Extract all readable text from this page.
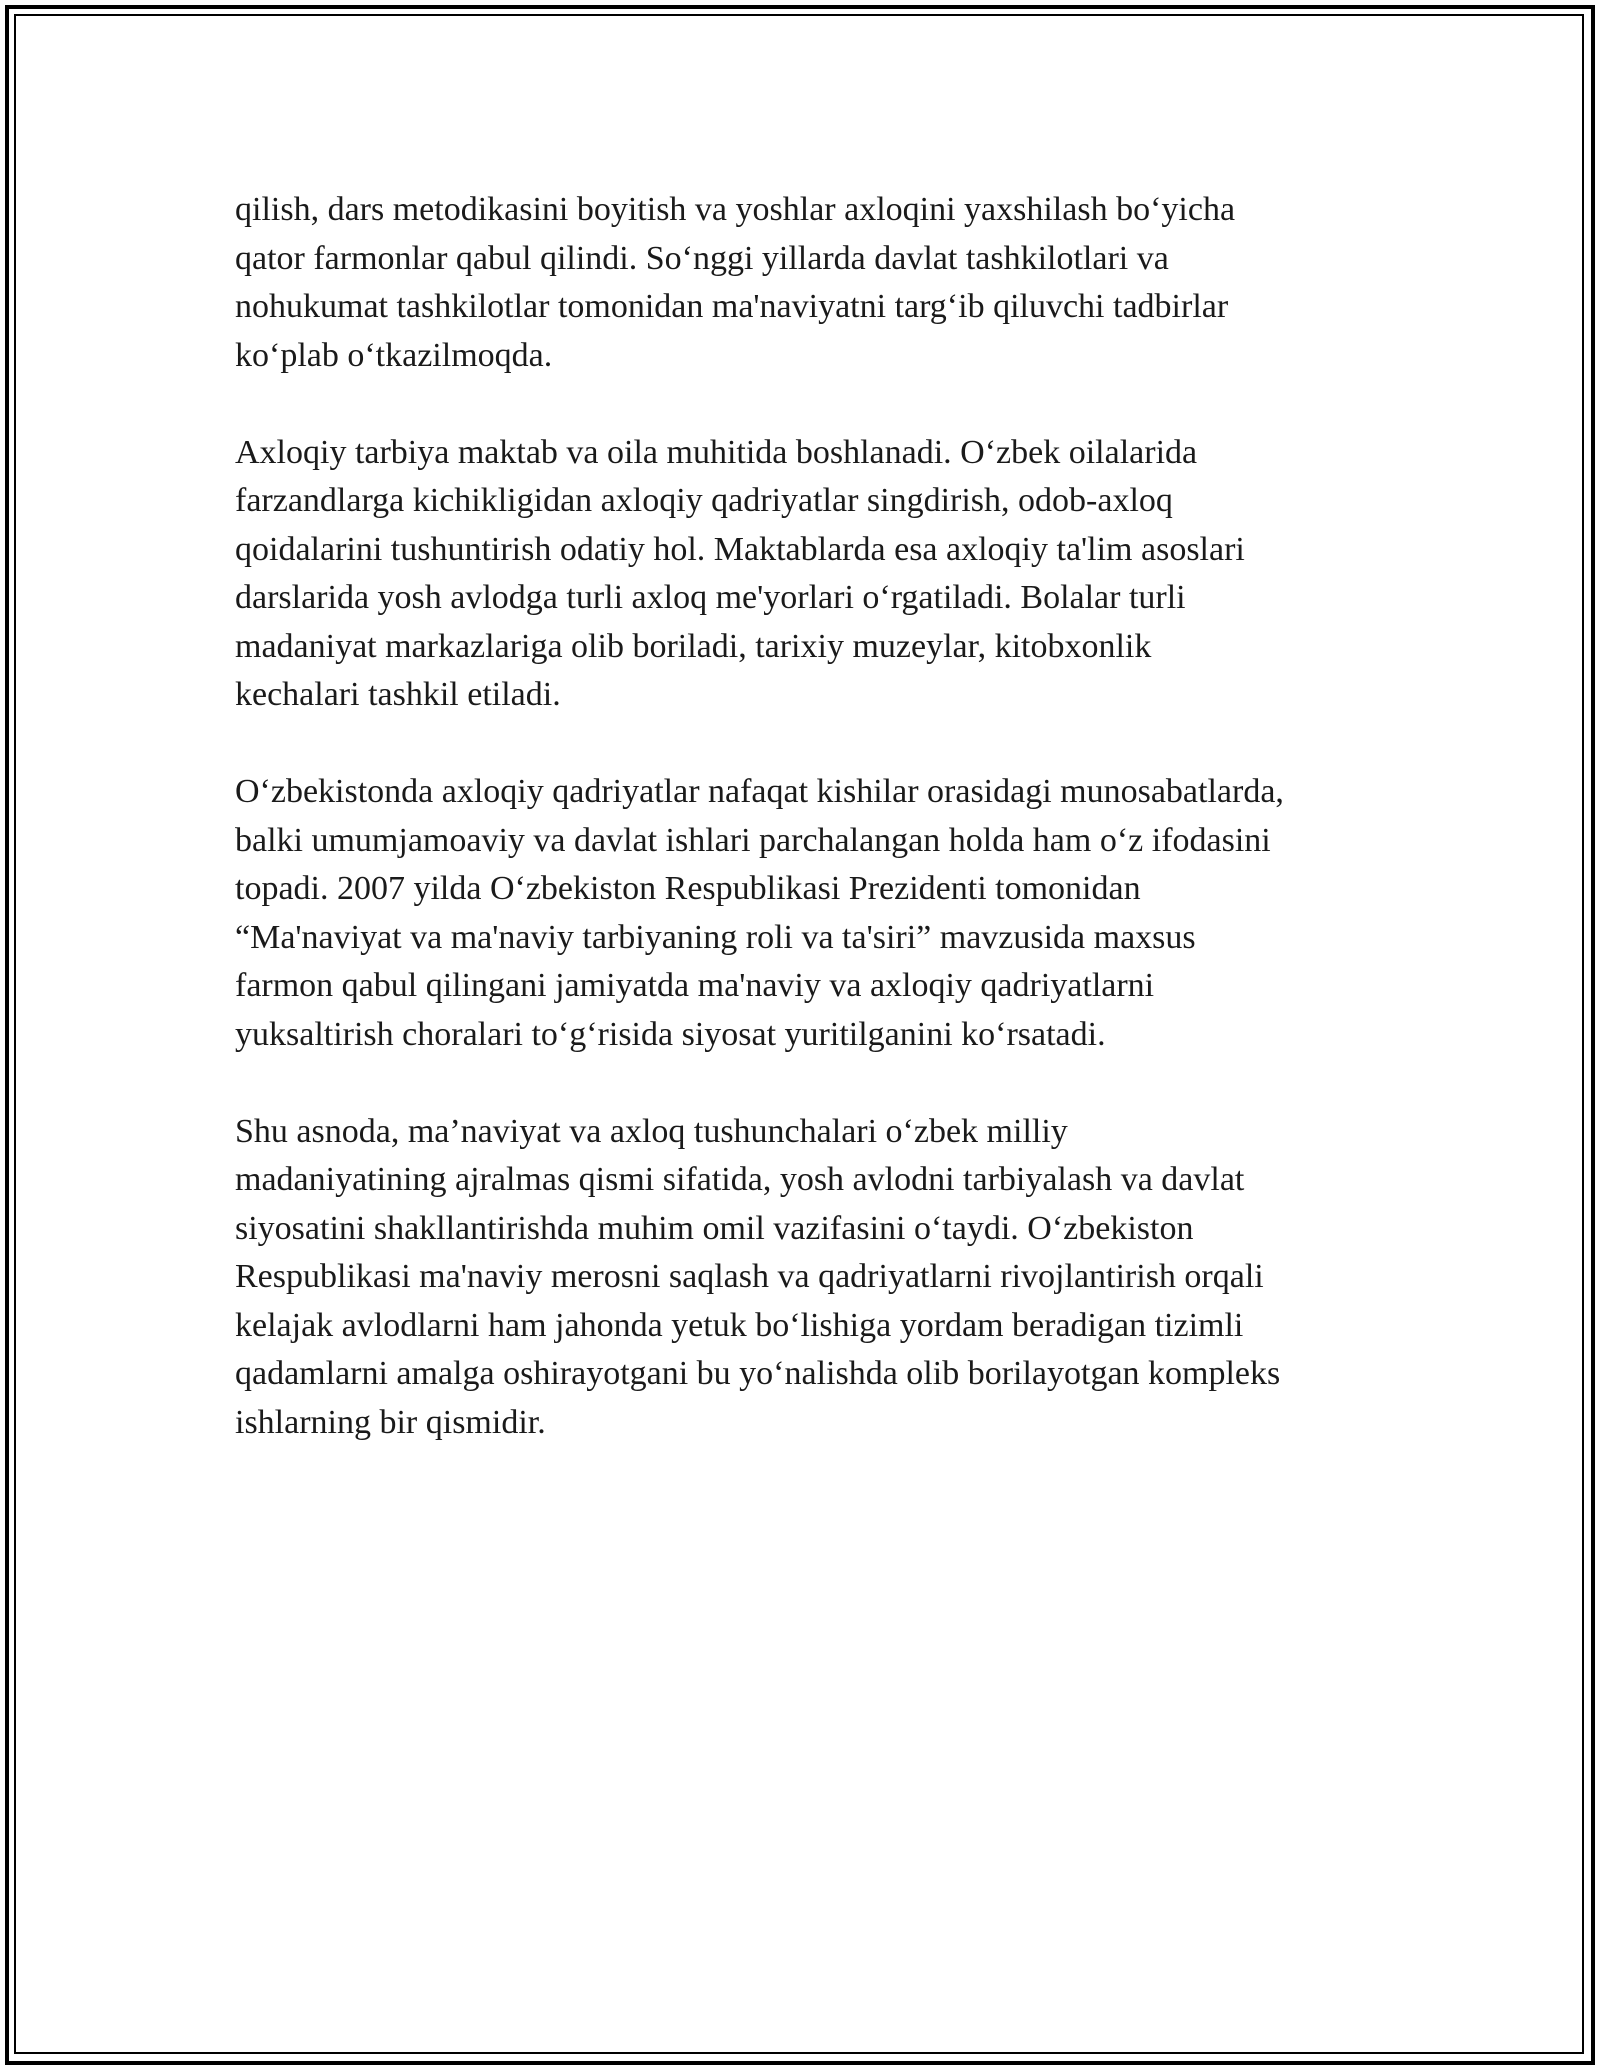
qilish, dars metodikasini boyitish va yoshlar axloqini yaxshilash bo‘yicha
qator farmonlar qabul qilindi. So‘nggi yillarda davlat tashkilotlari va
nohukumat tashkilotlar tomonidan ma'naviyatni targ‘ib qiluvchi tadbirlar
ko‘plab o‘tkazilmoqda.

Axloqiy tarbiya maktab va oila muhitida boshlanadi. O‘zbek oilalarida
farzandlarga kichikligidan axloqiy qadriyatlar singdirish, odob-axloq
qoidalarini tushuntirish odatiy hol. Maktablarda esa axloqiy ta'lim asoslari
darslarida yosh avlodga turli axloq me'yorlari o‘rgatiladi. Bolalar turli
madaniyat markazlariga olib boriladi, tarixiy muzeylar, kitobxonlik
kechalari tashkil etiladi.

O‘zbekistonda axloqiy qadriyatlar nafaqat kishilar orasidagi munosabatlarda,
balki umumjamoaviy va davlat ishlari parchalangan holda ham o‘z ifodasini
topadi. 2007 yilda O‘zbekiston Respublikasi Prezidenti tomonidan
“Ma'naviyat va ma'naviy tarbiyaning roli va ta'siri” mavzusida maxsus
farmon qabul qilingani jamiyatda ma'naviy va axloqiy qadriyatlarni
yuksaltirish choralari to‘g‘risida siyosat yuritilganini ko‘rsatadi.

Shu asnoda, ma’naviyat va axloq tushunchalari o‘zbek milliy
madaniyatining ajralmas qismi sifatida, yosh avlodni tarbiyalash va davlat
siyosatini shakllantirishda muhim omil vazifasini o‘taydi. O‘zbekiston
Respublikasi ma'naviy merosni saqlash va qadriyatlarni rivojlantirish orqali
kelajak avlodlarni ham jahonda yetuk bo‘lishiga yordam beradigan tizimli
qadamlarni amalga oshirayotgani bu yo‘nalishda olib borilayotgan kompleks
ishlarning bir qismidir.
